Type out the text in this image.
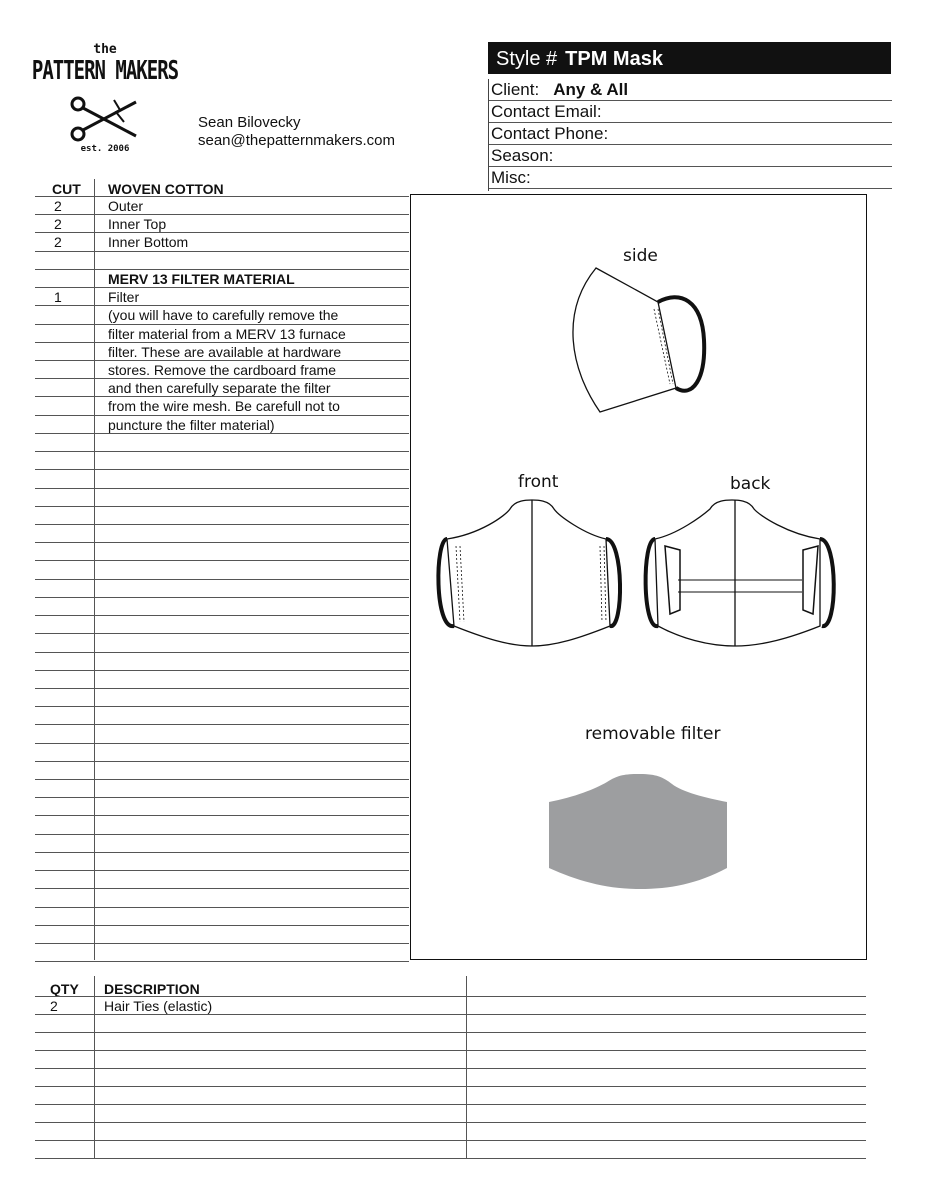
the
PATTERN MAKERS
est. 2006
Sean Bilovecky
sean@thepatternmakers.com
Style # TPM Mask
Client: Any & All
Contact Email:
Contact Phone:
Season:
Misc:
CUT WOVEN COTTON
2	Outer
2	Inner Top
2	Inner Bottom
MERV 13 FILTER MATERIAL
1	Filter
(you will have to carefully remove the
filter material from a MERV 13 furnace
filter. These are available at hardware
stores. Remove the cardboard frame
and then carefully separate the filter
from the wire mesh. Be carefull not to
puncture the filter material)
side
front	back
removable filter
QTY DESCRIPTION
2	Hair Ties (elastic)
